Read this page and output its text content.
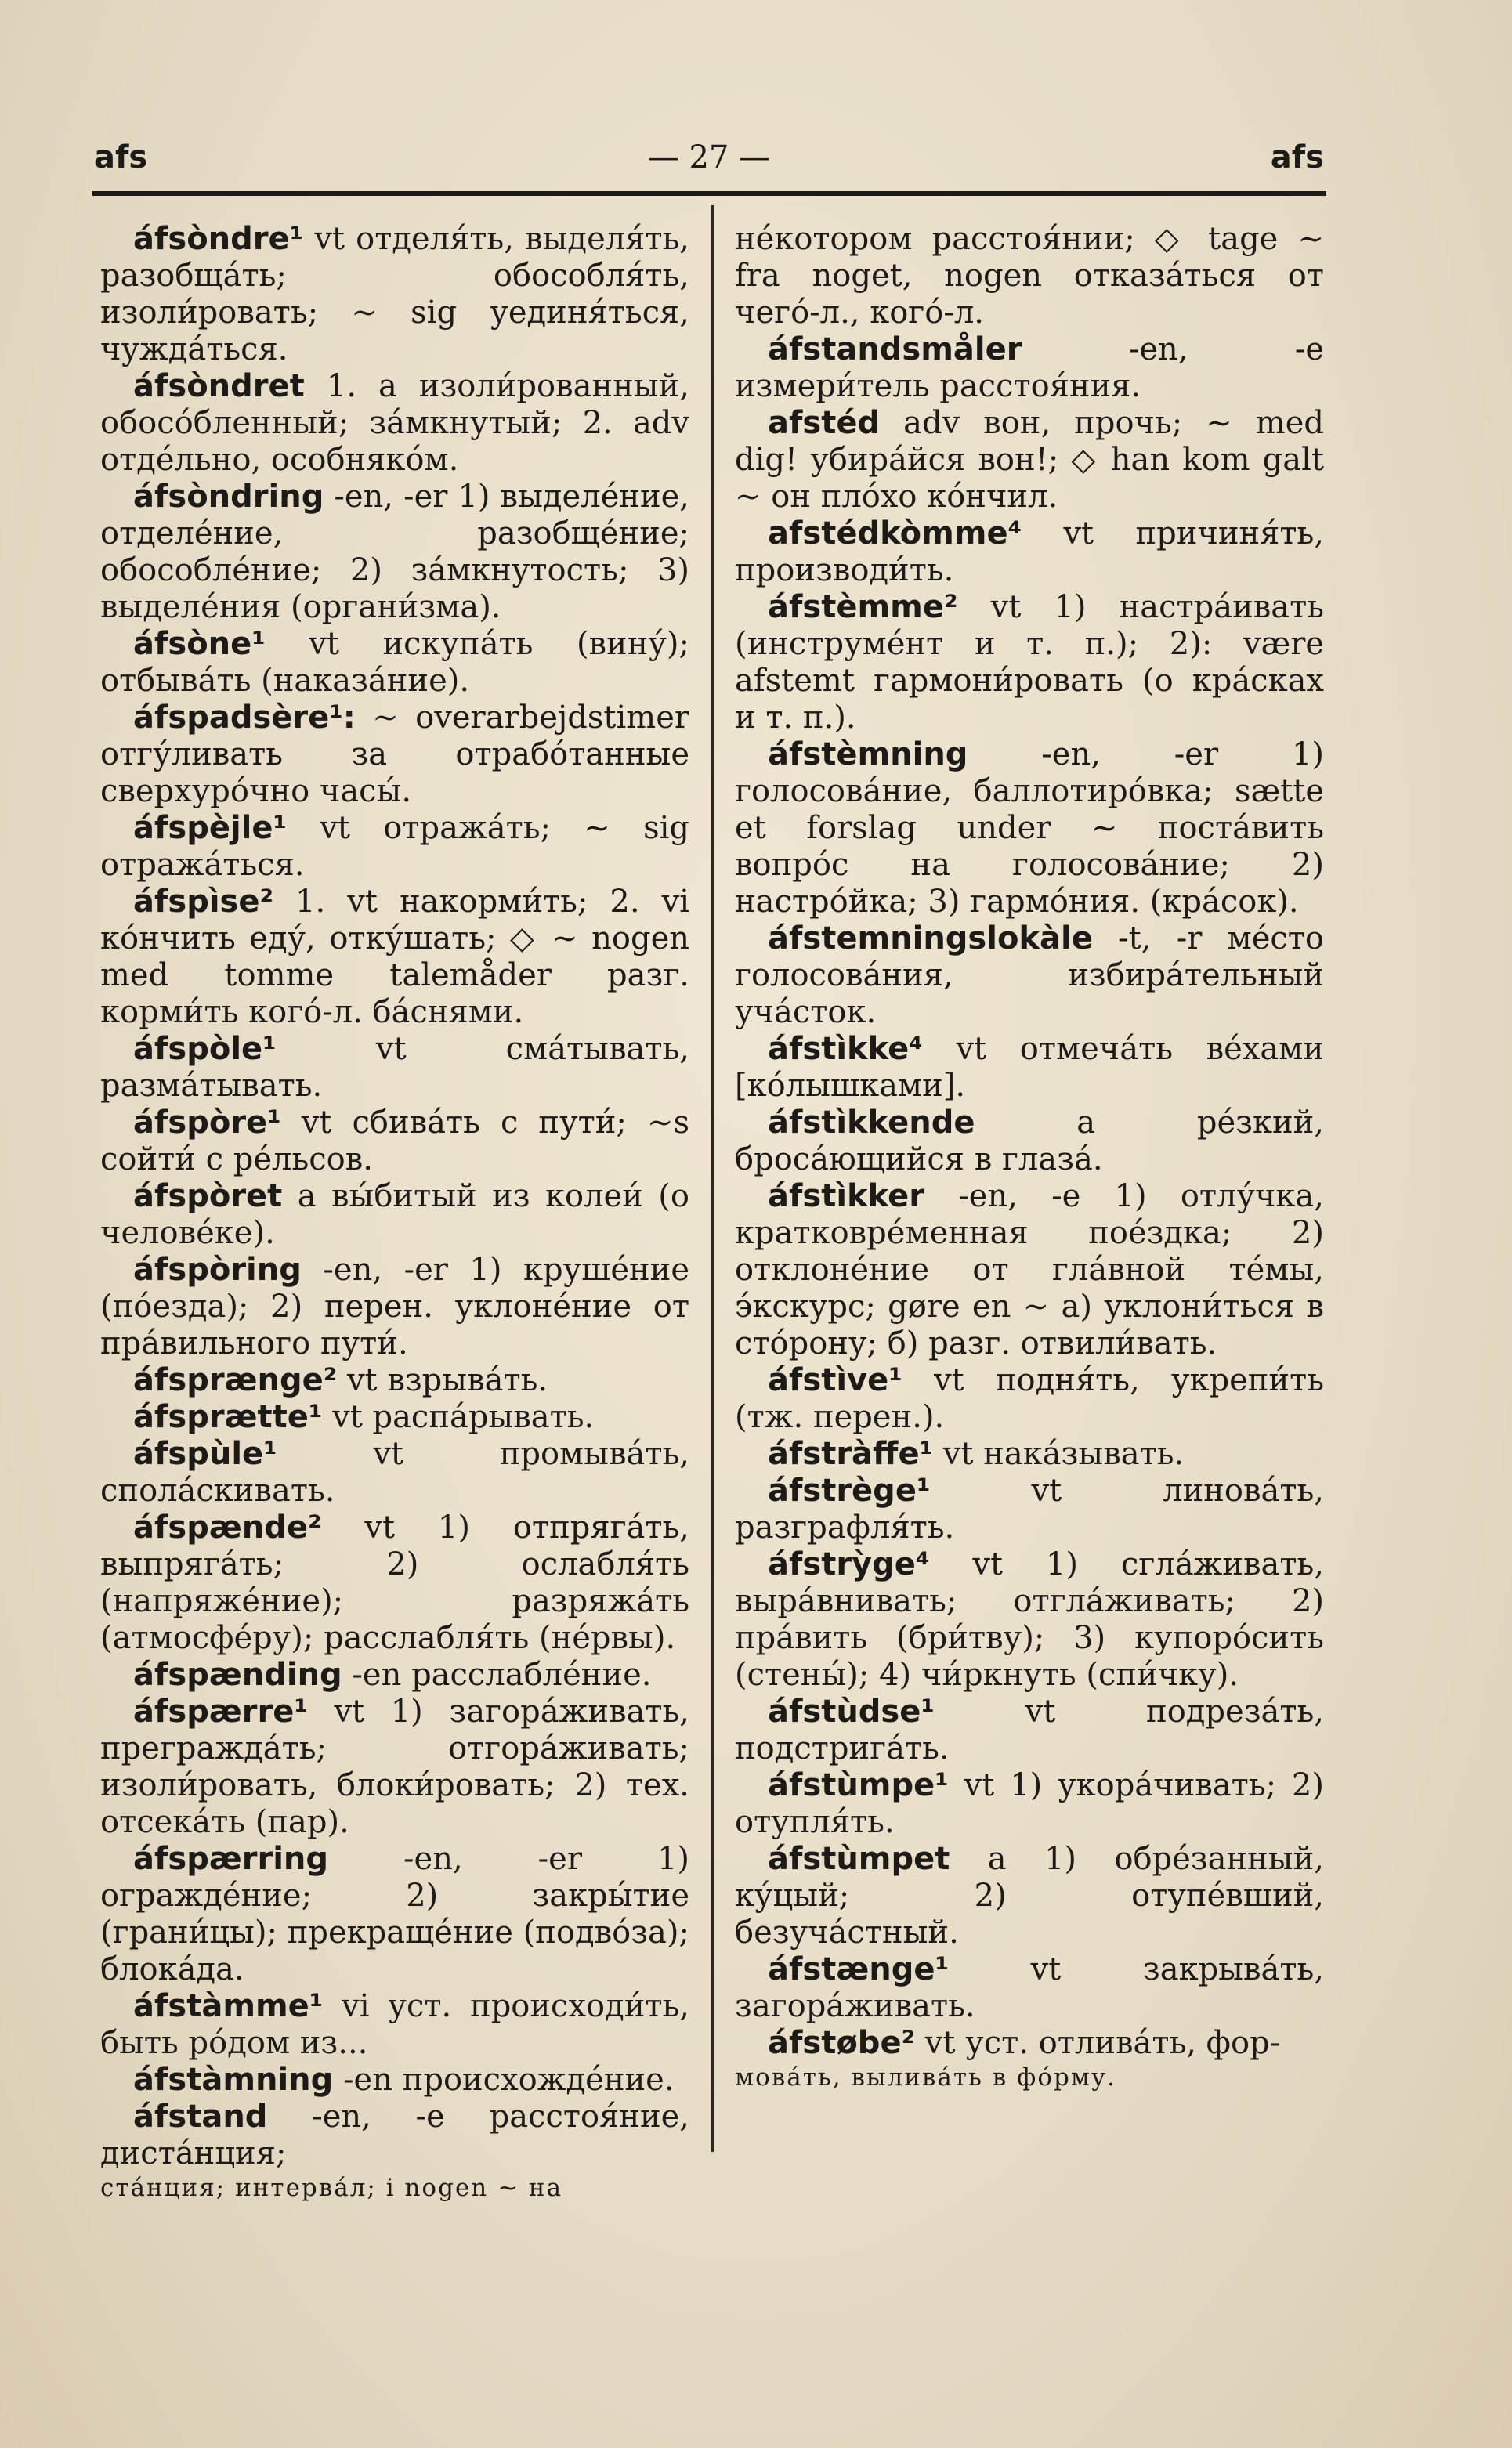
afs	— 27 —	afs

áfsòndre¹ vt отделя́ть, выделя́ть, разобща́ть; обособля́ть, изоли́ровать; ~ sig уединя́ться, чужда́ться.

áfsòndret 1. a изоли́рованный, обосо́бленный; за́мкнутый; 2. adv отде́льно, особняко́м.

áfsòndring -en, -er 1) выделе́ние, отделе́ние, разобще́ние; обособле́ние; 2) за́мкнутость; 3) выделе́ния (органи́зма).

áfsòne¹ vt искупа́ть (вину́); отбыва́ть (наказа́ние).

áfspadsère¹: ~ overarbejdstimer отгу́ливать за отрабо́танные сверхуро́чно часы́.

áfspèjle¹ vt отража́ть; ~ sig отража́ться.

áfspìse² 1. vt накорми́ть; 2. vi ко́нчить еду́, отку́шать; ◇ ~ nogen med tomme talemåder разг. корми́ть кого́-л. ба́снями.

áfspòle¹ vt сма́тывать, разма́тывать.

áfspòre¹ vt сбива́ть с пути́; ~s сойти́ с ре́льсов.

áfspòret a вы́битый из колеи́ (о челове́ке).

áfspòring -en, -er 1) круше́ние (по́езда); 2) перен. уклоне́ние от пра́вильного пути́.

áfsprænge² vt взрыва́ть.

áfsprætte¹ vt распа́рывать.

áfspùle¹ vt промыва́ть, спола́скивать.

áfspænde² vt 1) отпряга́ть, выпряга́ть; 2) ослабля́ть (напряже́ние); разряжа́ть (атмосфе́ру); расслабля́ть (не́рвы).

áfspænding -en расслабле́ние.

áfspærre¹ vt 1) загора́живать, прегражда́ть; отгора́живать; изоли́ровать, блоки́ровать; 2) тех. отсека́ть (пар).

áfspærring -en, -er 1) огражде́ние; 2) закры́тие (грани́цы); прекраще́ние (подво́за); блока́да.

áfstàmme¹ vi уст. происходи́ть, быть ро́дом из...

áfstàmning -en происхожде́ние.

áfstand -en, -e расстоя́ние, диста́нция;

ста́нция; интерва́л; i nogen ~ на

не́котором расстоя́нии; ◇ tage ~ fra noget, nogen отказа́ться от чего́-л., кого́-л.

áfstandsmåler -en, -e измери́тель расстоя́ния.

afstéd adv вон, прочь; ~ med dig! убира́йся вон!; ◇ han kom galt ~ он пло́хо ко́нчил.

afstédkòmme⁴ vt причиня́ть, производи́ть.

áfstèmme² vt 1) настра́ивать (инструме́нт и т. п.); 2): være afstemt гармони́ровать (о кра́сках и т. п.).

áfstèmning -en, -er 1) голосова́ние, баллотиро́вка; sætte et forslag under ~ поста́вить вопро́с на голосова́ние; 2) настро́йка; 3) гармо́ния. (кра́сок).

áfstemningslokàle -t, -r ме́сто голосова́ния, избира́тельный уча́сток.

áfstìkke⁴ vt отмеча́ть ве́хами [ко́лышками].

áfstìkkende a ре́зкий, броса́ющийся в глаза́.

áfstìkker -en, -e 1) отлу́чка, кратковре́менная пое́здка; 2) отклоне́ние от гла́вной те́мы, э́кскурс; gøre en ~ а) уклони́ться в сто́рону; б) разг. отвили́вать.

áfstìve¹ vt подня́ть, укрепи́ть (тж. перен.).

áfstràffe¹ vt нака́зывать.

áfstrège¹ vt линова́ть, разграфля́ть.

áfstrỳge⁴ vt 1) сгла́живать, выра́внивать; отгла́живать; 2) пра́вить (бри́тву); 3) купоро́сить (стены́); 4) чи́ркнуть (спи́чку).

áfstùdse¹ vt подреза́ть, подстрига́ть.

áfstùmpe¹ vt 1) укора́чивать; 2) отупля́ть.

áfstùmpet a 1) обре́занный, ку́цый; 2) отупе́вший, безуча́стный.

áfstænge¹ vt закрыва́ть, загора́живать.

áfstøbe² vt уст. отлива́ть, фор-

мова́ть, вылива́ть в фо́рму.
